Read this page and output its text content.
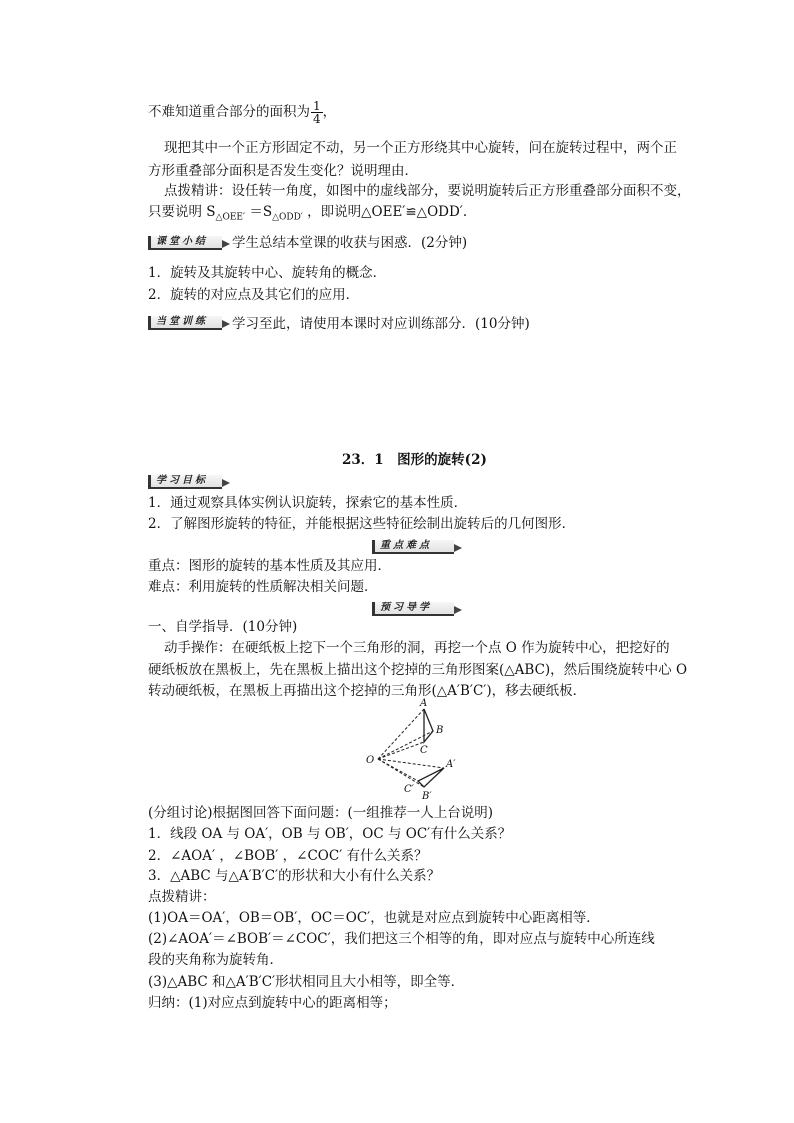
不难知道重合部分的面积为 $\frac{1}{4}$ ，
现把其中一个正方形固定不动，另一个正方形绕其中心旋转，问在旋转过程中，两个正
方形重叠部分面积是否发生变化？说明理由．
点拨精讲：设任转一角度，如图中的虚线部分，要说明旋转后正方形重叠部分面积不变，
只要说明 $S_{\triangle OEE'} =S_{\triangle ODD'}$ ，即说明△OEE′≌△ODD′.
课堂小结	学生总结本堂课的收获与困惑．(2分钟)
1．旋转及其旋转中心、旋转角的概念．
2．旋转的对应点及其它们的应用．
当堂训练	学习至此，请使用本课时对应训练部分．(10分钟)
23．1　图形的旋转(2)
学习目标
1．通过观察具体实例认识旋转，探索它的基本性质．
2．了解图形旋转的特征，并能根据这些特征绘制出旋转后的几何图形．
重点难点
重点：图形的旋转的基本性质及其应用．
难点：利用旋转的性质解决相关问题．
预习导学
一、自学指导．(10分钟)
动手操作：在硬纸板上挖下一个三角形的洞，再挖一个点 O 作为旋转中心，把挖好的
硬纸板放在黑板上，先在黑板上描出这个挖掉的三角形图案(△ABC)，然后围绕旋转中心 O
转动硬纸板，在黑板上再描出这个挖掉的三角形(△A′B′C′)，移去硬纸板．
O
A
B
C
A′
B′
C′
(分组讨论)根据图回答下面问题：(一组推荐一人上台说明)
1．线段 OA 与 OA′，OB 与 OB′，OC 与 OC′有什么关系？
2．∠AOA′ ，∠BOB′ ，∠COC′ 有什么关系？
3．△ABC 与△A′B′C′的形状和大小有什么关系？
点拨精讲：
(1)OA＝OA′，OB＝OB′，OC＝OC′，也就是对应点到旋转中心距离相等．
(2)∠AOA′＝∠BOB′＝∠COC′，我们把这三个相等的角，即对应点与旋转中心所连线
段的夹角称为旋转角．
(3)△ABC 和△A′B′C′形状相同且大小相等，即全等．
归纳：(1)对应点到旋转中心的距离相等；
